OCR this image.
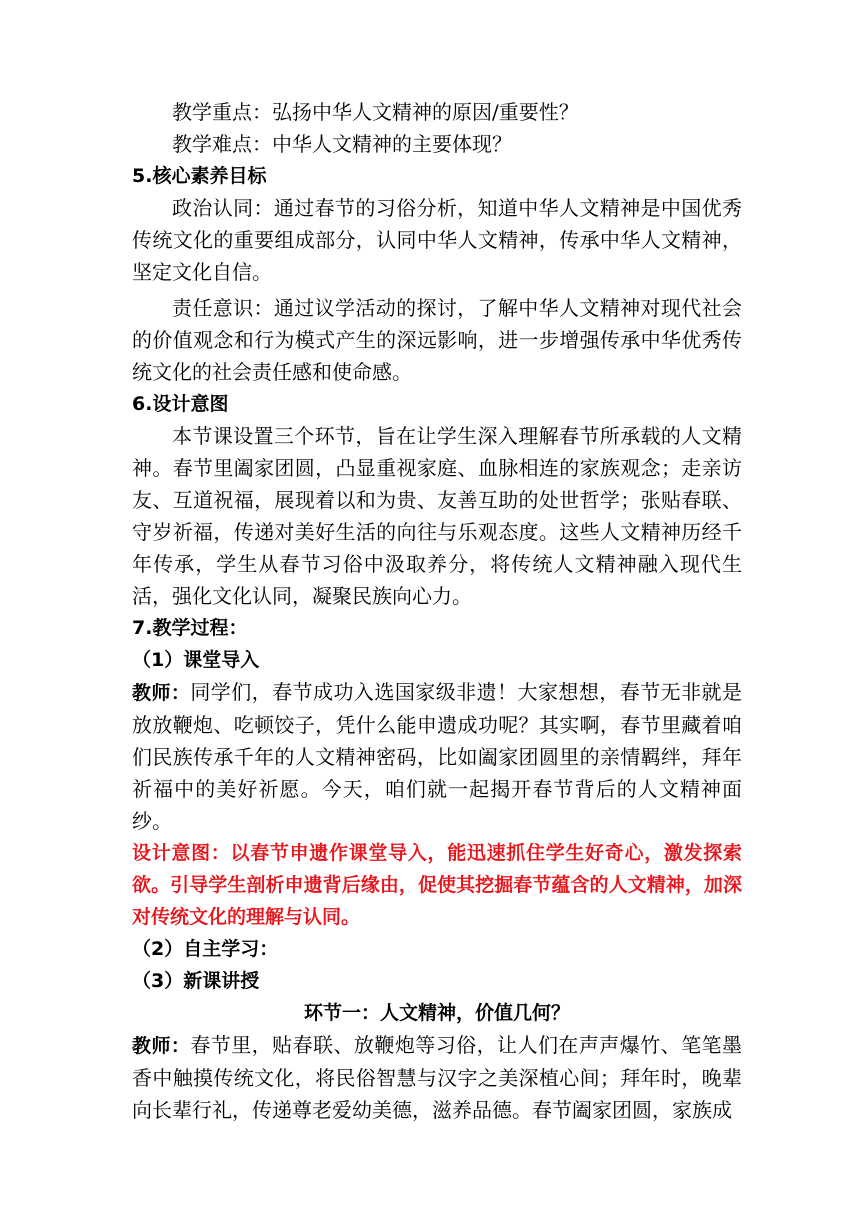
教学重点：弘扬中华人文精神的原因/重要性？

教学难点：中华人文精神的主要体现？

5.核心素养目标

政治认同：通过春节的习俗分析，知道中华人文精神是中国优秀传统文化的重要组成部分，认同中华人文精神，传承中华人文精神，坚定文化自信。

责任意识：通过议学活动的探讨，了解中华人文精神对现代社会的价值观念和行为模式产生的深远影响，进一步增强传承中华优秀传统文化的社会责任感和使命感。

6.设计意图

本节课设置三个环节，旨在让学生深入理解春节所承载的人文精神。春节里阖家团圆，凸显重视家庭、血脉相连的家族观念；走亲访友、互道祝福，展现着以和为贵、友善互助的处世哲学；张贴春联、守岁祈福，传递对美好生活的向往与乐观态度。这些人文精神历经千年传承，学生从春节习俗中汲取养分，将传统人文精神融入现代生活，强化文化认同，凝聚民族向心力。

7.教学过程：

（1）课堂导入

教师：同学们，春节成功入选国家级非遗！大家想想，春节无非就是放放鞭炮、吃顿饺子，凭什么能申遗成功呢？其实啊，春节里藏着咱们民族传承千年的人文精神密码，比如阖家团圆里的亲情羁绊，拜年祈福中的美好祈愿。今天，咱们就一起揭开春节背后的人文精神面纱。

设计意图：以春节申遗作课堂导入，能迅速抓住学生好奇心，激发探索欲。引导学生剖析申遗背后缘由，促使其挖掘春节蕴含的人文精神，加深对传统文化的理解与认同。

（2）自主学习：

（3）新课讲授

环节一：人文精神，价值几何？

教师：春节里，贴春联、放鞭炮等习俗，让人们在声声爆竹、笔笔墨香中触摸传统文化，将民俗智慧与汉字之美深植心间；拜年时，晚辈向长辈行礼，传递尊老爱幼美德，滋养品德。春节阖家团圆，家族成
